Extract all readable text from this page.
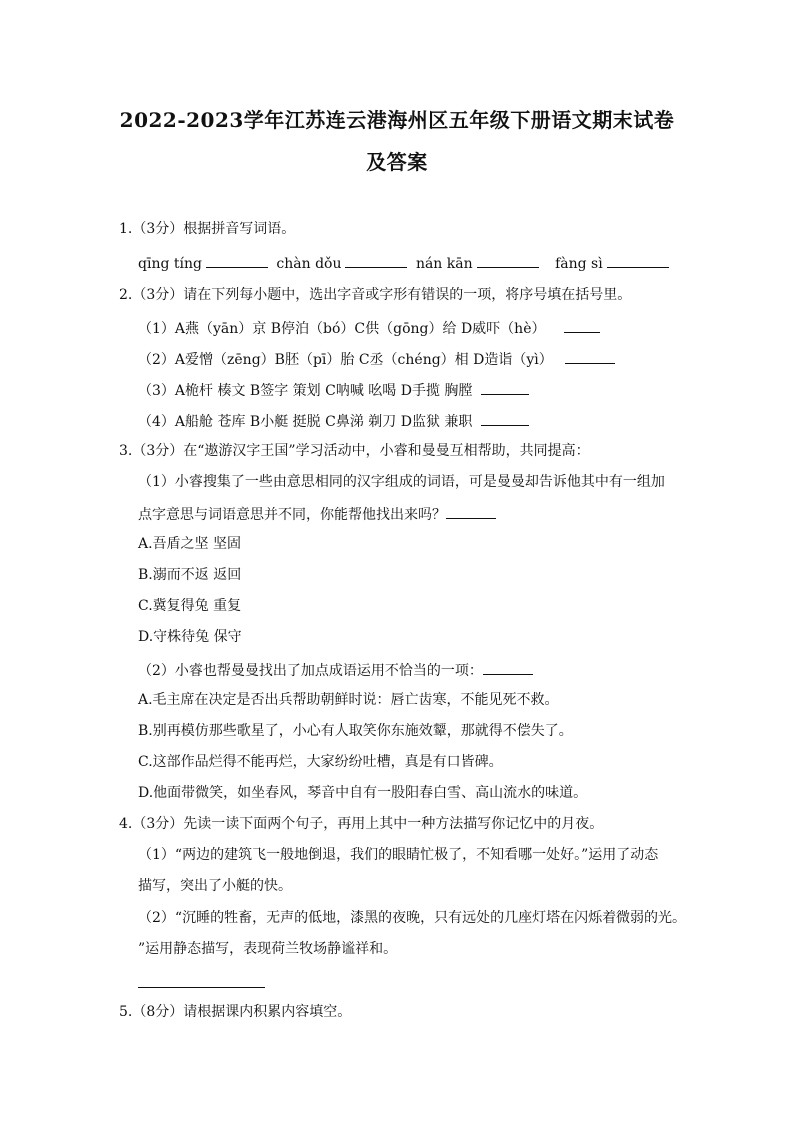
2022-2023学年江苏连云港海州区五年级下册语文期末试卷
及答案
1.（3分）根据拼音写词语。
qīng tíng	chàn dǒu	nán kān	fàng sì
2.（3分）请在下列每小题中，选出字音或字形有错误的一项，将序号填在括号里。
（1）A燕（yān）京 B停泊（bó）C供（gōng）给 D威吓（hè）
（2）A爱憎（zēng）B胚（pī）胎 C丞（chéng）相 D造诣（yì）
（3）A桅杆 楱文 B签字 策划 C呐喊 吆喝 D手揽 胸膛
（4）A船舱 苍库 B小艇 挺脱 C鼻涕 剃刀 D监狱 兼职
3.（3分）在“遨游汉字王国”学习活动中，小睿和曼曼互相帮助，共同提高：
（1）小睿搜集了一些由意思相同的汉字组成的词语，可是曼曼却告诉他其中有一组加
点字意思与词语意思并不同，你能帮他找出来吗？
A.吾盾之坚 坚固
B.溺而不返 返回
C.冀复得兔 重复
D.守株待兔 保守
（2）小睿也帮曼曼找出了加点成语运用不恰当的一项：
A.毛主席在决定是否出兵帮助朝鲜时说：唇亡齿寒，不能见死不救。
B.别再模仿那些歌星了，小心有人取笑你东施效颦，那就得不偿失了。
C.这部作品烂得不能再烂，大家纷纷吐槽，真是有口皆碑。
D.他面带微笑，如坐春风，琴音中自有一股阳春白雪、高山流水的味道。
4.（3分）先读一读下面两个句子，再用上其中一种方法描写你记忆中的月夜。
（1）“两边的建筑飞一般地倒退，我们的眼睛忙极了，不知看哪一处好。”运用了动态
描写，突出了小艇的快。
（2）“沉睡的牲畜，无声的低地，漆黑的夜晚，只有远处的几座灯塔在闪烁着微弱的光。
”运用静态描写，表现荷兰牧场静谧祥和。
5.（8分）请根据课内积累内容填空。
